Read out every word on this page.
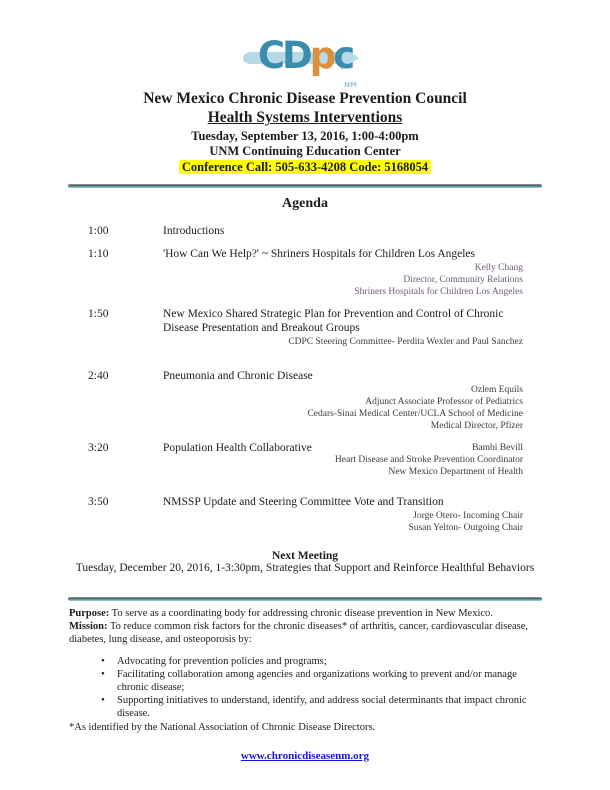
CDpc
NM
New Mexico Chronic Disease Prevention Council
Health Systems Interventions
Tuesday, September 13, 2016, 1:00-4:00pm
UNM Continuing Education Center
Conference Call: 505-633-4208 Code: 5168054
Agenda
1:00	Introductions
1:10	'How Can We Help?' ~ Shriners Hospitals for Children Los Angeles
Kelly Chang
Director, Community Relations
Shriners Hospitals for Children Los Angeles
1:50	New Mexico Shared Strategic Plan for Prevention and Control of Chronic Disease Presentation and Breakout Groups
CDPC Steering Committee- Perdita Wexler and Paul Sanchez
2:40	Pneumonia and Chronic Disease
Ozlem Equils
Adjunct Associate Professor of Pediatrics
Cedars-Sinai Medical Center/UCLA School of Medicine
Medical Director, Pfizer
3:20	Population Health Collaborative	Bambi Bevill
Heart Disease and Stroke Prevention Coordinator
New Mexico Department of Health
3:50	NMSSP Update and Steering Committee Vote and Transition
Jorge Otero- Incoming Chair
Susan Yelton- Outgoing Chair
Next Meeting
Tuesday, December 20, 2016, 1-3:30pm, Strategies that Support and Reinforce Healthful Behaviors
Purpose: To serve as a coordinating body for addressing chronic disease prevention in New Mexico.
Mission: To reduce common risk factors for the chronic diseases* of arthritis, cancer, cardiovascular disease, diabetes, lung disease, and osteoporosis by:
• Advocating for prevention policies and programs;
• Facilitating collaboration among agencies and organizations working to prevent and/or manage chronic disease;
• Supporting initiatives to understand, identify, and address social determinants that impact chronic disease.
*As identified by the National Association of Chronic Disease Directors.
www.chronicdiseasenm.org
